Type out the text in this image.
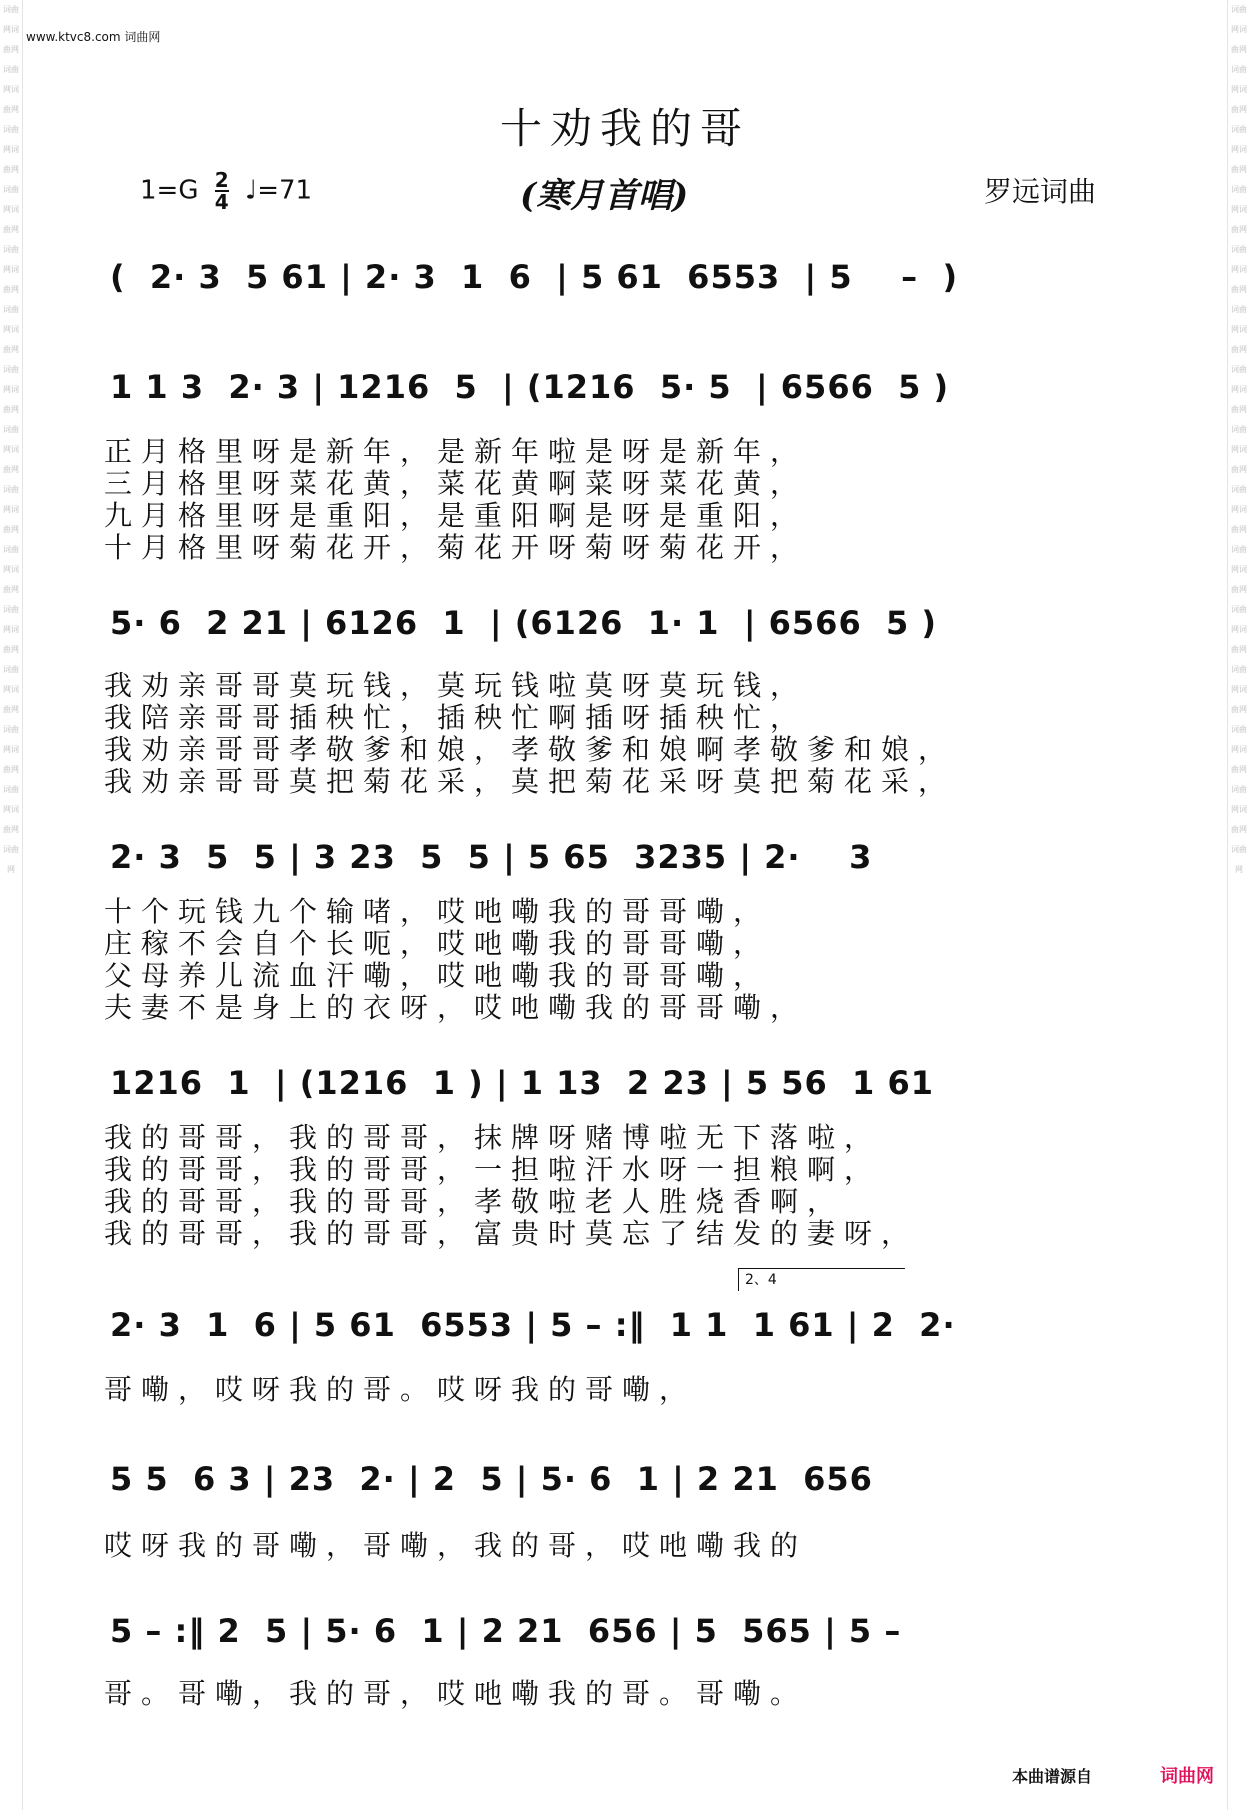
词曲网词曲网词曲网词曲网词曲网词曲网词曲网词曲网词曲网词曲网词曲网词曲网词曲网词曲网词曲网词曲网词曲网词曲网词曲网词曲网词曲网词曲网词曲网词曲网词曲网词曲网词曲网词曲网词曲网
词曲网词曲网词曲网词曲网词曲网词曲网词曲网词曲网词曲网词曲网词曲网词曲网词曲网词曲网词曲网词曲网词曲网词曲网词曲网词曲网词曲网词曲网词曲网词曲网词曲网词曲网词曲网词曲网词曲网
www.ktvc8.com 词曲网
十劝我的哥
$1=G \frac{2}{4}$ ♩=71	(寒月首唱)	罗远词曲

(  2· 3  5 61 | 2· 3  1  6  | 5 61  6553  | 5    –  )

1 1 3  2· 3 | 1216  5  | (1216  5· 5  | 6566  5 )

正月格里呀是新年，是新年啦是呀是新年，
三月格里呀菜花黄，菜花黄啊菜呀菜花黄，
九月格里呀是重阳，是重阳啊是呀是重阳，
十月格里呀菊花开，菊花开呀菊呀菊花开，

5· 6  2 21 | 6126  1  | (6126  1· 1  | 6566  5 )

我劝亲哥哥莫玩钱，莫玩钱啦莫呀莫玩钱，
我陪亲哥哥插秧忙，插秧忙啊插呀插秧忙，
我劝亲哥哥孝敬爹和娘，孝敬爹和娘啊孝敬爹和娘，
我劝亲哥哥莫把菊花采，莫把菊花采呀莫把菊花采，

2· 3  5  5 | 3 23  5  5 | 5 65  3235 | 2·    3

十个玩钱九个输啫，哎吔嘞我的哥哥嘞，
庄稼不会自个长呃，哎吔嘞我的哥哥嘞，
父母养儿流血汗嘞，哎吔嘞我的哥哥嘞，
夫妻不是身上的衣呀，哎吔嘞我的哥哥嘞，

1216  1  | (1216  1 ) | 1 13  2 23 | 5 56  1 61

我的哥哥，我的哥哥，抹牌呀赌博啦无下落啦，
我的哥哥，我的哥哥，一担啦汗水呀一担粮啊，
我的哥哥，我的哥哥，孝敬啦老人胜烧香啊，
我的哥哥，我的哥哥，富贵时莫忘了结发的妻呀，
2、4

2· 3  1  6 | 5 61  6553 | 5 – :‖  1 1  1 61 | 2  2·

哥嘞，哎呀我的哥。哎呀我的哥嘞，

5 5  6 3 | 23  2· | 2  5 | 5· 6  1 | 2 21  656

哎呀我的哥嘞，哥嘞，我的哥，哎吔嘞我的

5 – :‖ 2  5 | 5· 6  1 | 2 21  656 | 5  565 | 5 –

哥。哥嘞，我的哥，哎吔嘞我的哥。哥嘞。
本曲谱源自	词曲网
